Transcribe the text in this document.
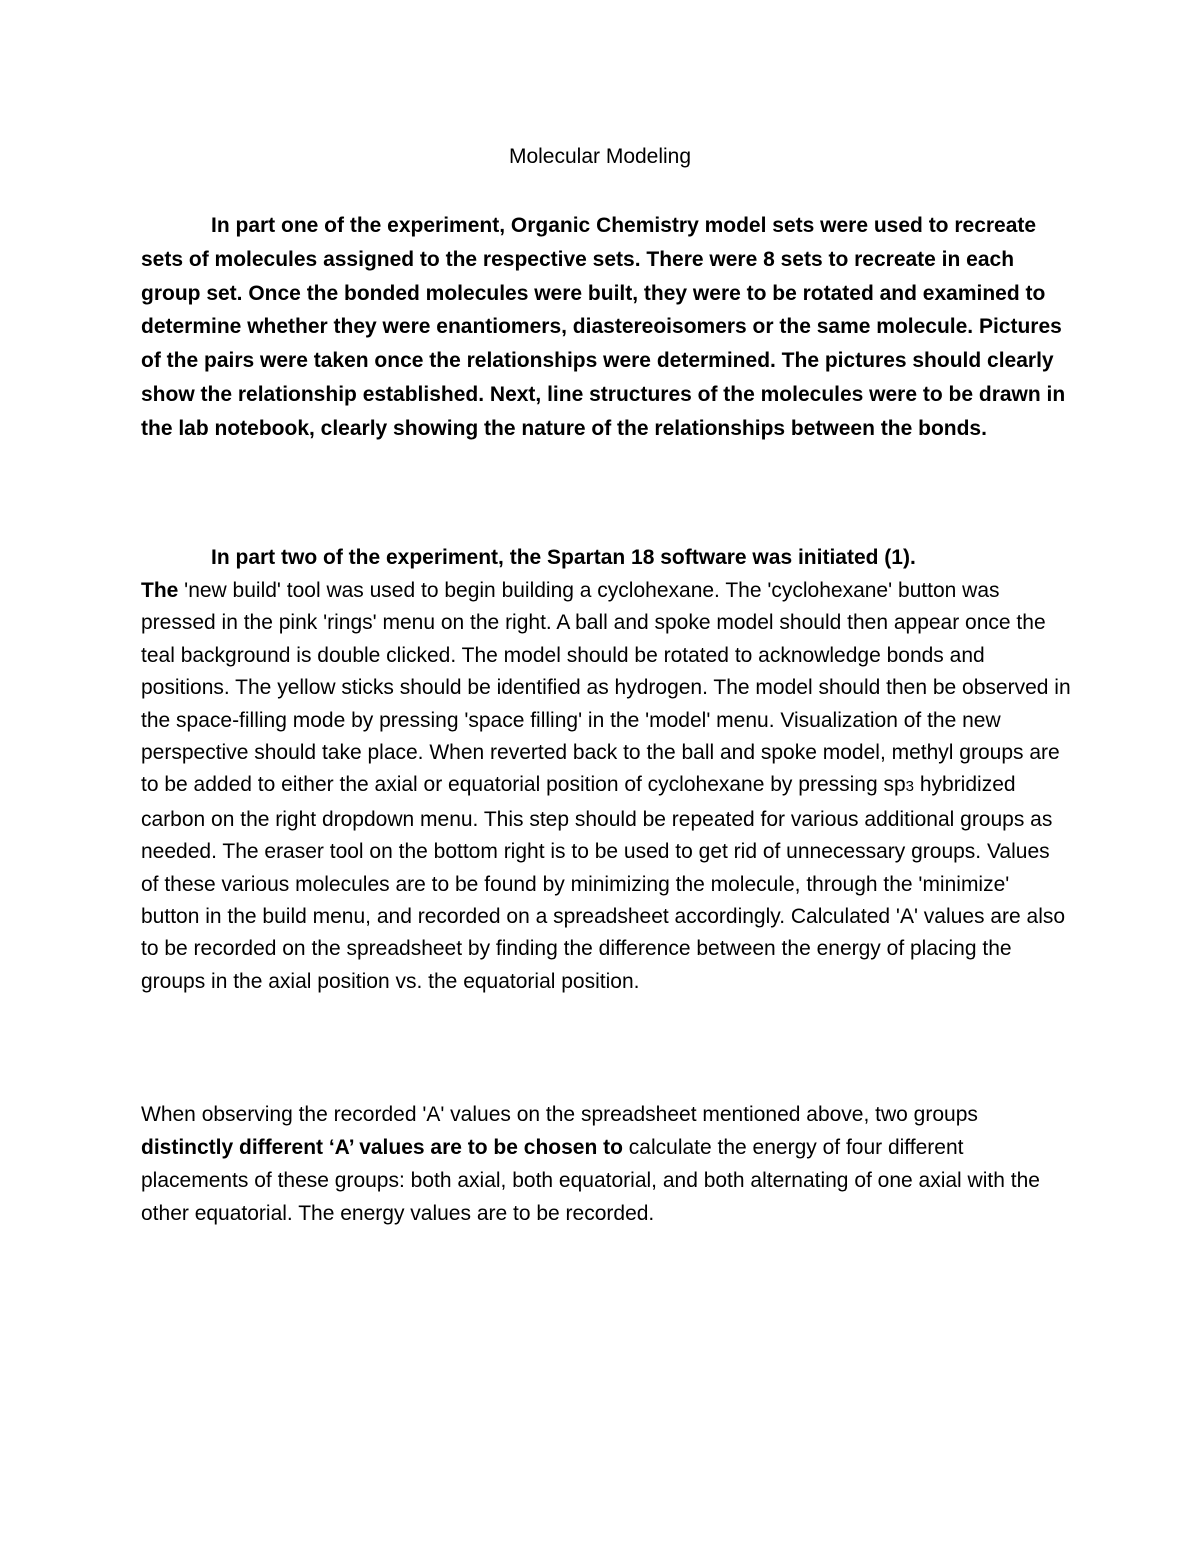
Molecular Modeling

In part one of the experiment, Organic Chemistry model sets were used to recreate sets of molecules assigned to the respective sets. There were 8 sets to recreate in each group set. Once the bonded molecules were built, they were to be rotated and examined to determine whether they were enantiomers, diastereoisomers or the same molecule. Pictures of the pairs were taken once the relationships were determined. The pictures should clearly show the relationship established. Next, line structures of the molecules were to be drawn in the lab notebook, clearly showing the nature of the relationships between the bonds.

In part two of the experiment, the Spartan 18 software was initiated (1).
The 'new build' tool was used to begin building a cyclohexane. The 'cyclohexane' button was pressed in the pink 'rings' menu on the right. A ball and spoke model should then appear once the teal background is double clicked. The model should be rotated to acknowledge bonds and positions. The yellow sticks should be identified as hydrogen. The model should then be observed in the space-filling mode by pressing 'space filling' in the 'model' menu. Visualization of the new perspective should take place. When reverted back to the ball and spoke model, methyl groups are to be added to either the axial or equatorial position of cyclohexane by pressing sp3 hybridized carbon on the right dropdown menu. This step should be repeated for various additional groups as needed. The eraser tool on the bottom right is to be used to get rid of unnecessary groups. Values of these various molecules are to be found by minimizing the molecule, through the 'minimize' button in the build menu, and recorded on a spreadsheet accordingly. Calculated 'A' values are also to be recorded on the spreadsheet by finding the difference between the energy of placing the groups in the axial position vs. the equatorial position.

When observing the recorded 'A' values on the spreadsheet mentioned above, two groups distinctly different ‘A’ values are to be chosen to calculate the energy of four different placements of these groups: both axial, both equatorial, and both alternating of one axial with the other equatorial. The energy values are to be recorded.
